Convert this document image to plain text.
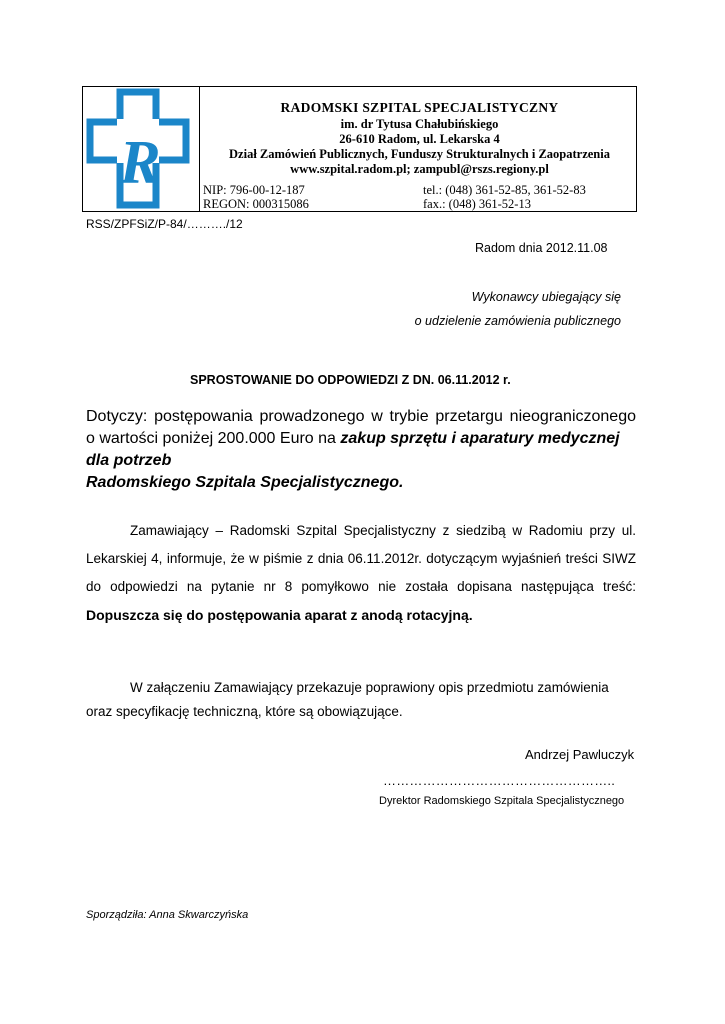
R
RADOMSKI SZPITAL SPECJALISTYCZNY
im. dr Tytusa Chałubińskiego
26-610 Radom, ul. Lekarska 4
Dział Zamówień Publicznych, Funduszy Strukturalnych i Zaopatrzenia
www.szpital.radom.pl; zampubl@rszs.regiony.pl
NIP: 796-00-12-187	tel.: (048) 361-52-85, 361-52-83
REGON: 000315086	fax.: (048) 361-52-13
RSS/ZPFSiZ/P-84/………./12
Radom dnia 2012.11.08
Wykonawcy ubiegający się
o udzielenie zamówienia publicznego
SPROSTOWANIE DO ODPOWIEDZI Z DN. 06.11.2012 r.
Dotyczy: postępowania prowadzonego w trybie przetargu nieograniczonego
o wartości poniżej 200.000 Euro na zakup sprzętu i aparatury medycznej dla potrzeb
Radomskiego Szpitala Specjalistycznego.
Zamawiający – Radomski Szpital Specjalistyczny z siedzibą w Radomiu przy ul. Lekarskiej 4, informuje, że w piśmie z dnia 06.11.2012r. dotyczącym wyjaśnień treści SIWZ do odpowiedzi na pytanie nr 8 pomyłkowo nie została dopisana następująca treść: Dopuszcza się do postępowania aparat z anodą rotacyjną.
W załączeniu Zamawiający przekazuje poprawiony opis przedmiotu zamówienia oraz specyfikację techniczną, które są obowiązujące.
Andrzej Pawluczyk
……………………………………………..
Dyrektor Radomskiego Szpitala Specjalistycznego
Sporządziła: Anna Skwarczyńska
